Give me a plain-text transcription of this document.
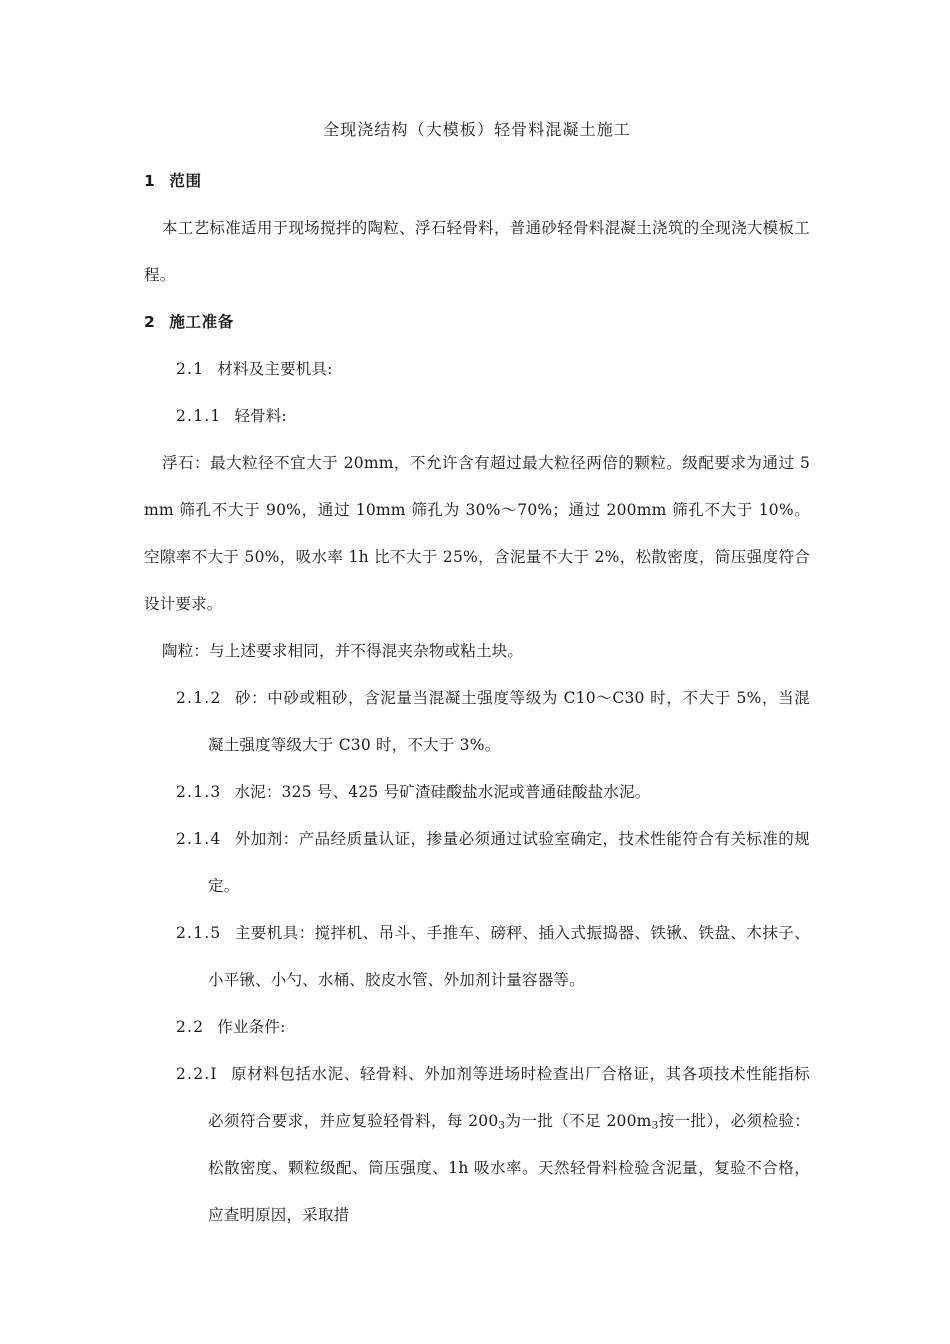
全现浇结构（大模板）轻骨料混凝土施工

1 范围

本工艺标准适用于现场搅拌的陶粒、浮石轻骨料，普通砂轻骨料混凝土浇筑的全现浇大模板工程。

2 施工准备

2.1 材料及主要机具:

2.1.1 轻骨料:

浮石：最大粒径不宜大于 20mm，不允许含有超过最大粒径两倍的颗粒。级配要求为通过 5mm 筛孔不大于 90%，通过 10mm 筛孔为 30%～70%；通过 200mm 筛孔不大于 10%。空隙率不大于 50%，吸水率 1h 比不大于 25%，含泥量不大于 2%，松散密度，筒压强度符合设计要求。

陶粒：与上述要求相同，并不得混夹杂物或粘土块。

2.1.2 砂：中砂或粗砂，含泥量当混凝土强度等级为 C10～C30 时，不大于 5%，当混凝土强度等级大于 C30 时，不大于 3%。

2.1.3 水泥：325 号、425 号矿渣硅酸盐水泥或普通硅酸盐水泥。

2.1.4 外加剂：产品经质量认证，掺量必须通过试验室确定，技术性能符合有关标准的规定。

2.1.5 主要机具：搅拌机、吊斗、手推车、磅秤、插入式振捣器、铁锹、铁盘、木抹子、小平锹、小勺、水桶、胶皮水管、外加剂计量容器等。

2.2 作业条件:

2.2.I 原材料包括水泥、轻骨料、外加剂等进场时检查出厂合格证，其各项技术性能指标必须符合要求，并应复验轻骨料，每 $200_3$为一批（不足 $200m_3$按一批），必须检验：松散密度、颗粒级配、筒压强度、1h 吸水率。天然轻骨料检验含泥量，复验不合格，应查明原因，采取措
